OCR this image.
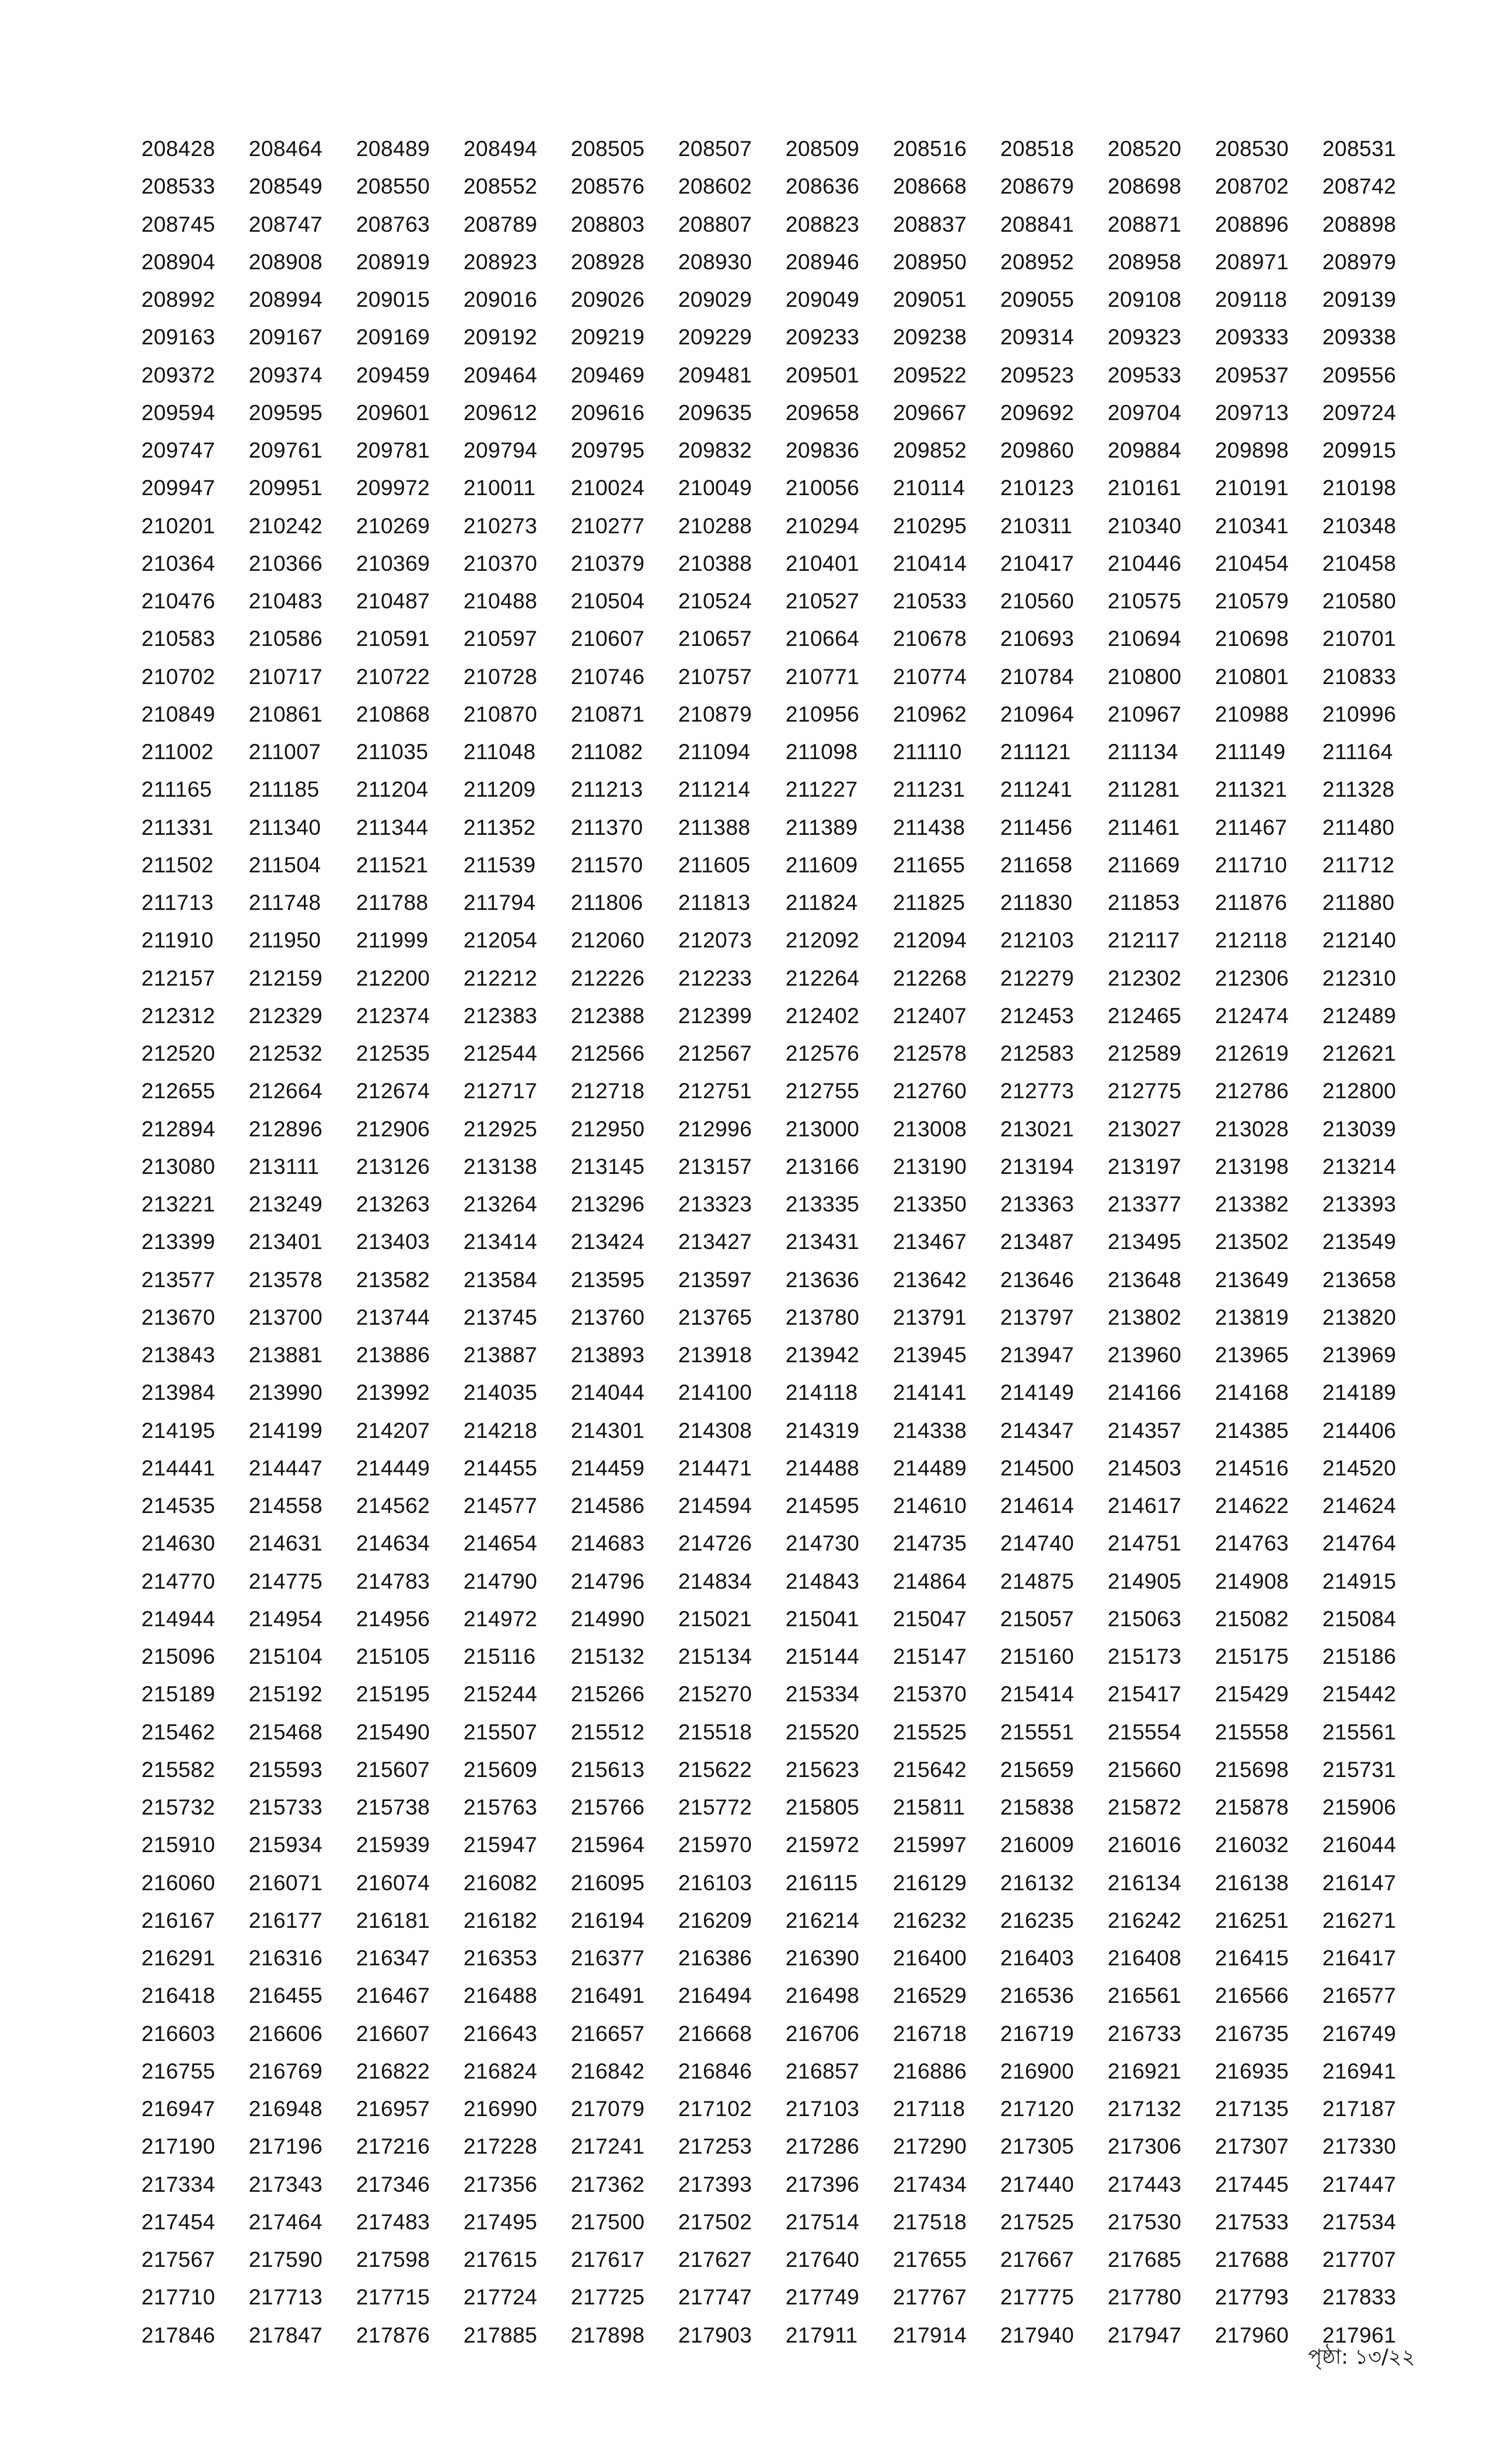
208428	208464	208489	208494	208505	208507	208509	208516	208518	208520	208530	208531
208533	208549	208550	208552	208576	208602	208636	208668	208679	208698	208702	208742
208745	208747	208763	208789	208803	208807	208823	208837	208841	208871	208896	208898
208904	208908	208919	208923	208928	208930	208946	208950	208952	208958	208971	208979
208992	208994	209015	209016	209026	209029	209049	209051	209055	209108	209118	209139
209163	209167	209169	209192	209219	209229	209233	209238	209314	209323	209333	209338
209372	209374	209459	209464	209469	209481	209501	209522	209523	209533	209537	209556
209594	209595	209601	209612	209616	209635	209658	209667	209692	209704	209713	209724
209747	209761	209781	209794	209795	209832	209836	209852	209860	209884	209898	209915
209947	209951	209972	210011	210024	210049	210056	210114	210123	210161	210191	210198
210201	210242	210269	210273	210277	210288	210294	210295	210311	210340	210341	210348
210364	210366	210369	210370	210379	210388	210401	210414	210417	210446	210454	210458
210476	210483	210487	210488	210504	210524	210527	210533	210560	210575	210579	210580
210583	210586	210591	210597	210607	210657	210664	210678	210693	210694	210698	210701
210702	210717	210722	210728	210746	210757	210771	210774	210784	210800	210801	210833
210849	210861	210868	210870	210871	210879	210956	210962	210964	210967	210988	210996
211002	211007	211035	211048	211082	211094	211098	211110	211121	211134	211149	211164
211165	211185	211204	211209	211213	211214	211227	211231	211241	211281	211321	211328
211331	211340	211344	211352	211370	211388	211389	211438	211456	211461	211467	211480
211502	211504	211521	211539	211570	211605	211609	211655	211658	211669	211710	211712
211713	211748	211788	211794	211806	211813	211824	211825	211830	211853	211876	211880
211910	211950	211999	212054	212060	212073	212092	212094	212103	212117	212118	212140
212157	212159	212200	212212	212226	212233	212264	212268	212279	212302	212306	212310
212312	212329	212374	212383	212388	212399	212402	212407	212453	212465	212474	212489
212520	212532	212535	212544	212566	212567	212576	212578	212583	212589	212619	212621
212655	212664	212674	212717	212718	212751	212755	212760	212773	212775	212786	212800
212894	212896	212906	212925	212950	212996	213000	213008	213021	213027	213028	213039
213080	213111	213126	213138	213145	213157	213166	213190	213194	213197	213198	213214
213221	213249	213263	213264	213296	213323	213335	213350	213363	213377	213382	213393
213399	213401	213403	213414	213424	213427	213431	213467	213487	213495	213502	213549
213577	213578	213582	213584	213595	213597	213636	213642	213646	213648	213649	213658
213670	213700	213744	213745	213760	213765	213780	213791	213797	213802	213819	213820
213843	213881	213886	213887	213893	213918	213942	213945	213947	213960	213965	213969
213984	213990	213992	214035	214044	214100	214118	214141	214149	214166	214168	214189
214195	214199	214207	214218	214301	214308	214319	214338	214347	214357	214385	214406
214441	214447	214449	214455	214459	214471	214488	214489	214500	214503	214516	214520
214535	214558	214562	214577	214586	214594	214595	214610	214614	214617	214622	214624
214630	214631	214634	214654	214683	214726	214730	214735	214740	214751	214763	214764
214770	214775	214783	214790	214796	214834	214843	214864	214875	214905	214908	214915
214944	214954	214956	214972	214990	215021	215041	215047	215057	215063	215082	215084
215096	215104	215105	215116	215132	215134	215144	215147	215160	215173	215175	215186
215189	215192	215195	215244	215266	215270	215334	215370	215414	215417	215429	215442
215462	215468	215490	215507	215512	215518	215520	215525	215551	215554	215558	215561
215582	215593	215607	215609	215613	215622	215623	215642	215659	215660	215698	215731
215732	215733	215738	215763	215766	215772	215805	215811	215838	215872	215878	215906
215910	215934	215939	215947	215964	215970	215972	215997	216009	216016	216032	216044
216060	216071	216074	216082	216095	216103	216115	216129	216132	216134	216138	216147
216167	216177	216181	216182	216194	216209	216214	216232	216235	216242	216251	216271
216291	216316	216347	216353	216377	216386	216390	216400	216403	216408	216415	216417
216418	216455	216467	216488	216491	216494	216498	216529	216536	216561	216566	216577
216603	216606	216607	216643	216657	216668	216706	216718	216719	216733	216735	216749
216755	216769	216822	216824	216842	216846	216857	216886	216900	216921	216935	216941
216947	216948	216957	216990	217079	217102	217103	217118	217120	217132	217135	217187
217190	217196	217216	217228	217241	217253	217286	217290	217305	217306	217307	217330
217334	217343	217346	217356	217362	217393	217396	217434	217440	217443	217445	217447
217454	217464	217483	217495	217500	217502	217514	217518	217525	217530	217533	217534
217567	217590	217598	217615	217617	217627	217640	217655	217667	217685	217688	217707
217710	217713	217715	217724	217725	217747	217749	217767	217775	217780	217793	217833
217846	217847	217876	217885	217898	217903	217911	217914	217940	217947	217960	217961
পৃষ্ঠা: ১৩/২২
